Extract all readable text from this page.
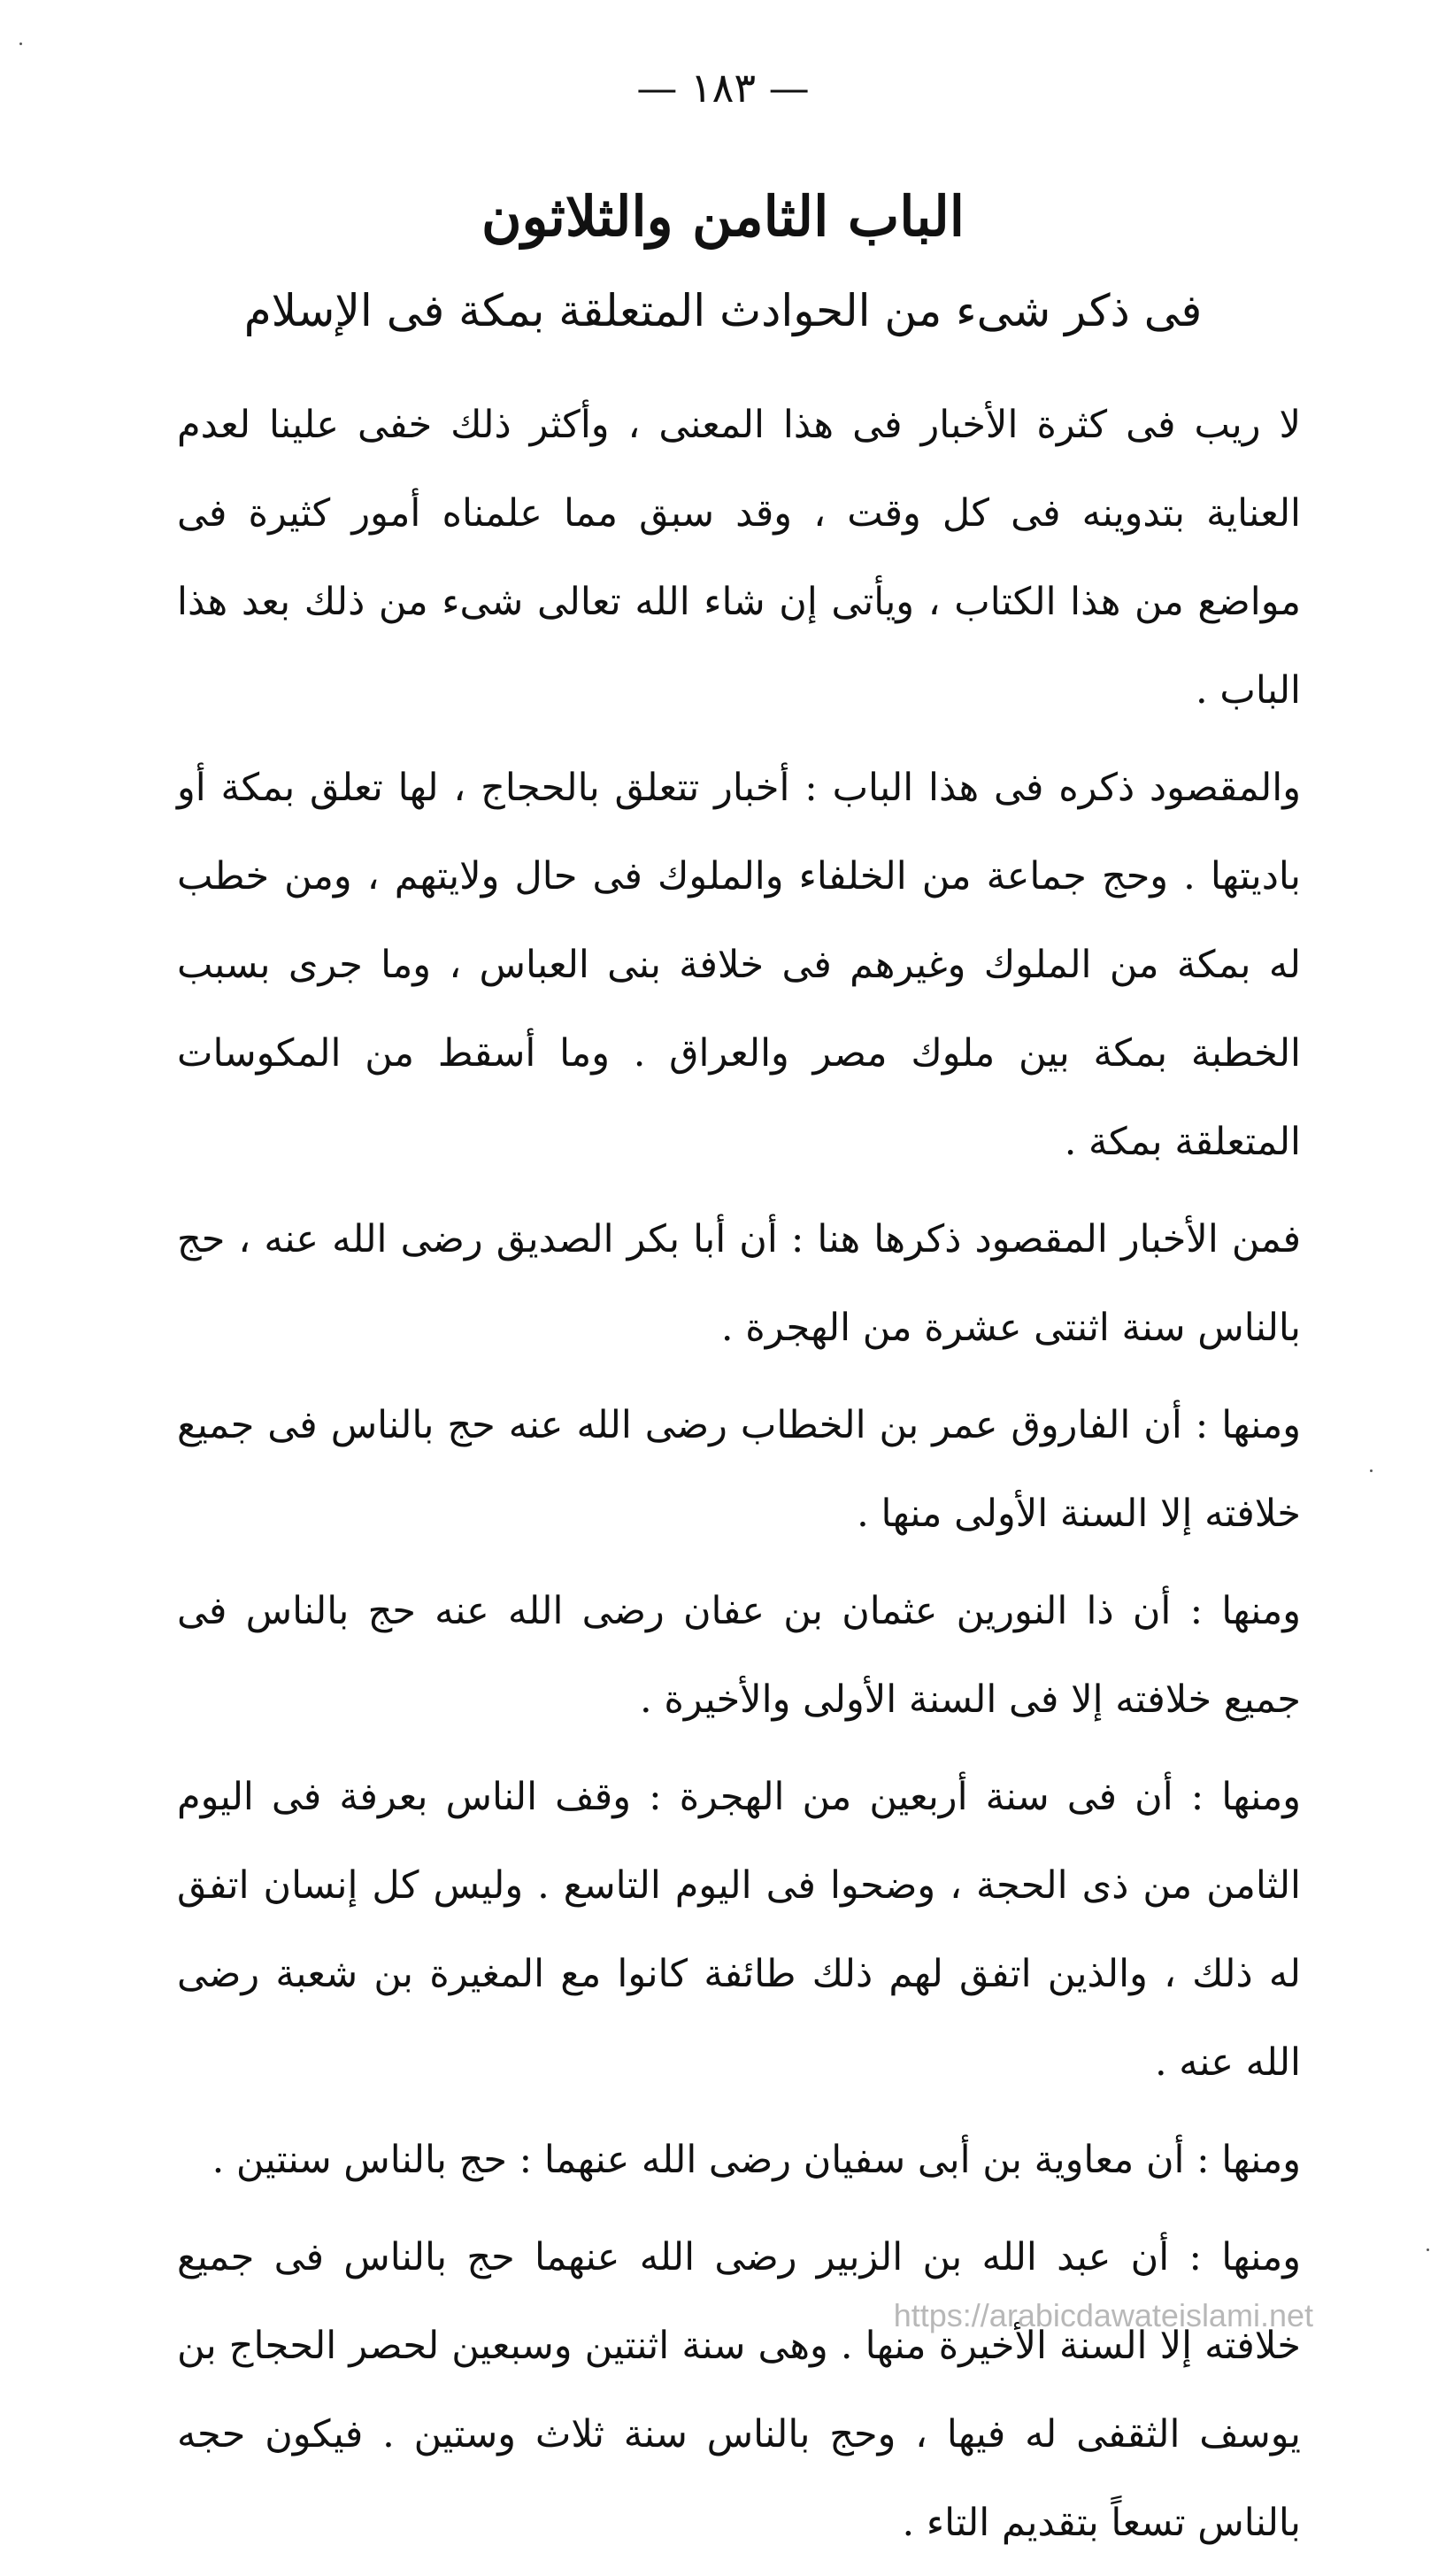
— ١٨٣ —
الباب الثامن والثلاثون
فى ذكر شىء من الحوادث المتعلقة بمكة فى الإسلام

لا ريب فى كثرة الأخبار فى هذا المعنى ، وأكثر ذلك خفى علينا لعدم العناية بتدوينه فى كل وقت ، وقد سبق مما علمناه أمور كثيرة فى مواضع من هذا الكتاب ، ويأتى إن شاء الله تعالى شىء من ذلك بعد هذا الباب .

والمقصود ذكره فى هذا الباب : أخبار تتعلق بالحجاج ، لها تعلق بمكة أو باديتها . وحج جماعة من الخلفاء والملوك فى حال ولايتهم ، ومن خطب له بمكة من الملوك وغيرهم فى خلافة بنى العباس ، وما جرى بسبب الخطبة بمكة بين ملوك مصر والعراق . وما أسقط من المكوسات المتعلقة بمكة .

فمن الأخبار المقصود ذكرها هنا : أن أبا بكر الصديق رضى الله عنه ، حج بالناس سنة اثنتى عشرة من الهجرة .

ومنها : أن الفاروق عمر بن الخطاب رضى الله عنه حج بالناس فى جميع خلافته إلا السنة الأولى منها .

ومنها : أن ذا النورين عثمان بن عفان رضى الله عنه حج بالناس فى جميع خلافته إلا فى السنة الأولى والأخيرة .

ومنها : أن فى سنة أربعين من الهجرة : وقف الناس بعرفة فى اليوم الثامن من ذى الحجة ، وضحوا فى اليوم التاسع . وليس كل إنسان اتفق له ذلك ، والذين اتفق لهم ذلك طائفة كانوا مع المغيرة بن شعبة رضى الله عنه .

ومنها : أن معاوية بن أبى سفيان رضى الله عنهما : حج بالناس سنتين .

ومنها : أن عبد الله بن الزبير رضى الله عنهما حج بالناس فى جميع خلافته إلا السنة الأخيرة منها . وهى سنة اثنتين وسبعين لحصر الحجاج بن يوسف الثقفى له فيها ، وحج بالناس سنة ثلاث وستين . فيكون حجه بالناس تسعاً بتقديم التاء .

https://arabicdawateislami.net
